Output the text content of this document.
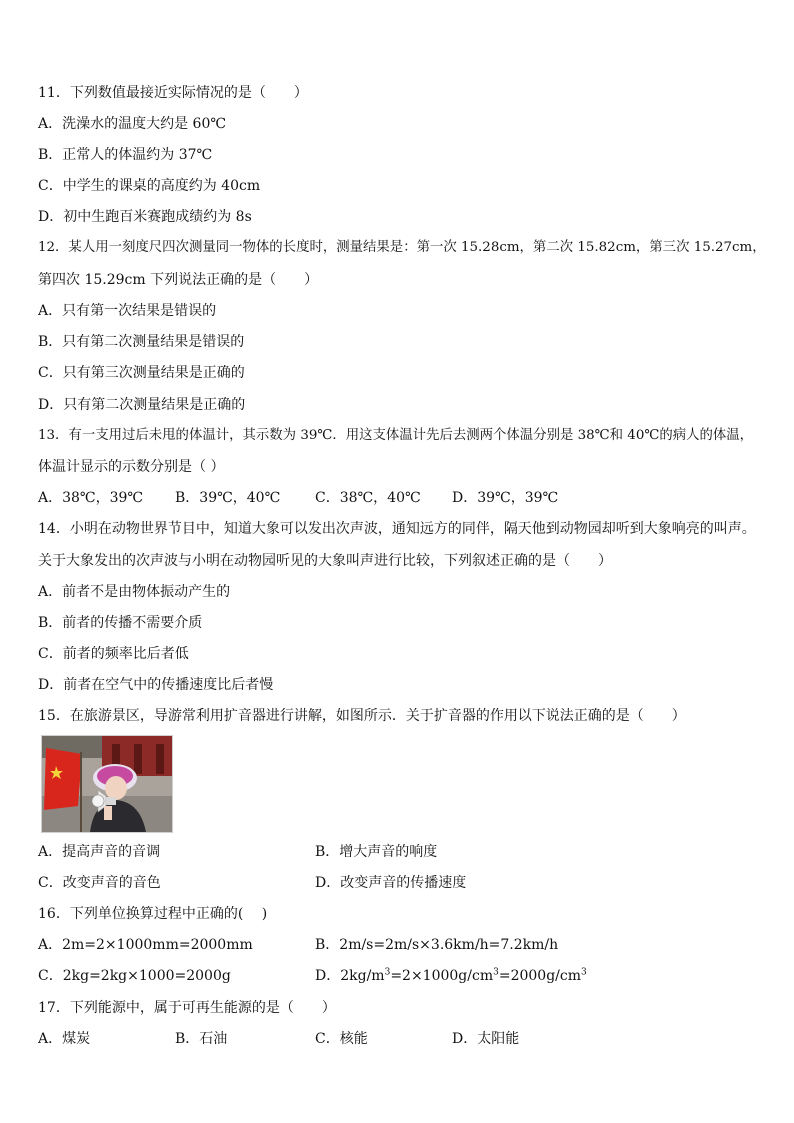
11．下列数值最接近实际情况的是（　　）
A．洗澡水的温度大约是 60℃
B．正常人的体温约为 37℃
C．中学生的课桌的高度约为 40cm
D．初中生跑百米赛跑成绩约为 8s
12．某人用一刻度尺四次测量同一物体的长度时，测量结果是：第一次 15.28cm，第二次 15.82cm，第三次 15.27cm，
第四次 15.29cm 下列说法正确的是（　　）
A．只有第一次结果是错误的
B．只有第二次测量结果是错误的
C．只有第三次测量结果是正确的
D．只有第二次测量结果是正确的
13．有一支用过后未甩的体温计，其示数为 39℃．用这支体温计先后去测两个体温分别是 38℃和 40℃的病人的体温，
体温计显示的示数分别是（ ）
A．38℃，39℃ B．39℃，40℃ C．38℃，40℃ D．39℃，39℃
14．小明在动物世界节目中，知道大象可以发出次声波，通知远方的同伴，隔天他到动物园却听到大象响亮的叫声。
关于大象发出的次声波与小明在动物园听见的大象叫声进行比较，下列叙述正确的是（　　）
A．前者不是由物体振动产生的
B．前者的传播不需要介质
C．前者的频率比后者低
D．前者在空气中的传播速度比后者慢
15．在旅游景区，导游常利用扩音器进行讲解，如图所示．关于扩音器的作用以下说法正确的是（　　）
A．提高声音的音调	B．增大声音的响度
C．改变声音的音色	D．改变声音的传播速度
16．下列单位换算过程中正确的(　 )
A．2m=2×1000mm=2000mm	B．2m/s=2m/s×3.6km/h=7.2km/h
C．2kg=2kg×1000=2000g	D．$2kg/m^3=2\times 1000g/cm^3=2000g/cm^3$
17．下列能源中，属于可再生能源的是（　　）
A．煤炭	B．石油	C．核能	D．太阳能
